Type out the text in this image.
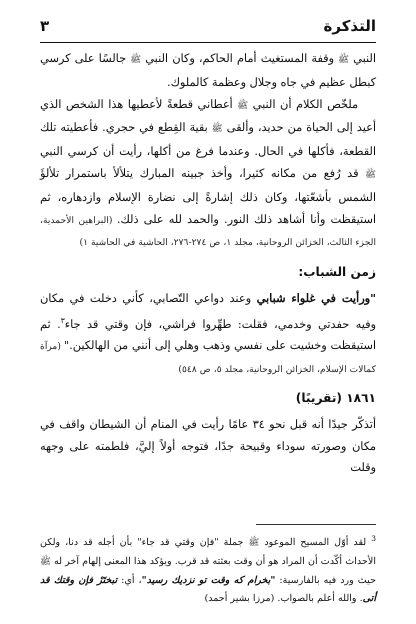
التذكرة
٣

النبي ﷺ وقفة المستغيث أمام الحاكم، وكان النبي ﷺ جالسًا على كرسي كبطل عظيم في جاه وجلال وعظمة كالملوك.

ملخّص الكلام أن النبي ﷺ أعطاني قطعةً لأعطيها هذا الشخص الذي أعيد إلى الحياة من حديد، وألقى ﷺ بقية القِطع في حجري. فأعطيته تلك القطعة، فأكلها في الحال. وعندما فرغ من أكلها، رأيت أن كرسي النبي ﷺ قد رُفع من مكانه كثيرا، وأخذ جبينه المبارك يتلألأ باستمرار تلألؤَ الشمس بأشعّتها، وكان ذلك إشارةً إلى نضارة الإسلام وازدهاره، ثم استيقظت وأنا أشاهد ذلك النور. والحمد لله على ذلك. (البراهين الأحمدية، الجزء الثالث، الخزائن الروحانية، مجلد ١، ص ٢٧٤-٢٧٦، الحاشية في الحاشية ١)

زمن الشباب:

"ورأيت في غلواء شبابي وعند دواعي التّصابي، كأني دخلت في مكان وفيه حفدتي وخدمي، فقلت: طهِّروا فراشي، فإن وقتي قد جاء$^٣$. ثم استيقظت وخشيت على نفسي وذهب وهلي إلى أنني من الهالكين." (مرآة كمالات الإسلام، الخزائن الروحانية، مجلد ٥، ص ٥٤٨)

١٨٦١ (تقريبًا)

أتذكّر جيدًا أنه قبل نحو ٣٤ عامًا رأيت في المنام أن الشيطان واقف في مكان وصورته سوداء وقبيحة جدًا، فتوجه أولاً إليَّ، فلطمته على وجهه وقلت

$^3$ لقد أوّل المسيح الموعود ﷺ جملة "فإن وقتي قد جاء" بأن أجله قد دنا، ولكن الأحداث أكّدت أن المراد هو أن وقت بعثته قد قرب. ويؤكد هذا المعنى إلهام آخر له ﷺ حيث ورد فيه بالفارسية: "بخرام كه وقت تو نزديك رسيد"، أي: تبختَرْ فإن وقتك قد أتى. والله أعلم بالصواب. (مرزا بشير أحمد)
